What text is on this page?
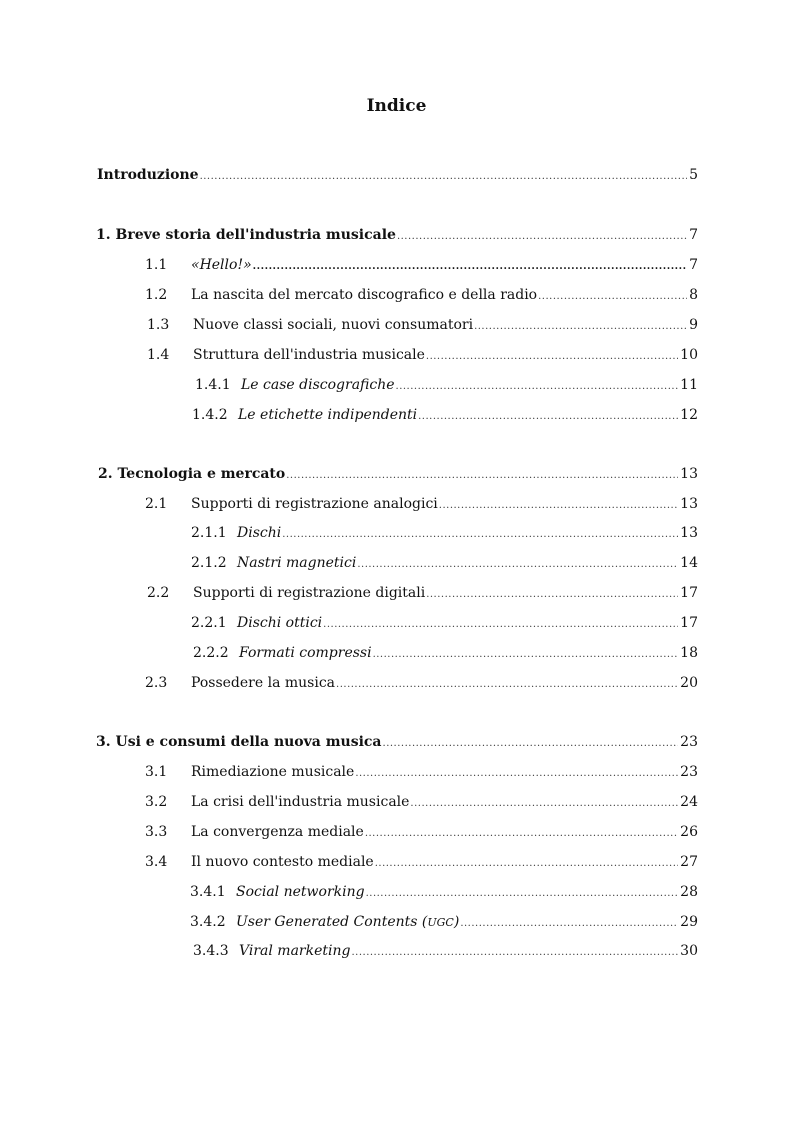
Indice
Introduzione .....	5
1. Breve storia dell'industria musicale .....	7
1.1	«Hello!» .....	7
1.2	La nascita del mercato discografico e della radio .....	8
1.3	Nuove classi sociali, nuovi consumatori .....	9
1.4	Struttura dell'industria musicale .....	10
1.4.1 Le case discografiche .....	11
1.4.2 Le etichette indipendenti .....	12
2. Tecnologia e mercato .....	13
2.1	Supporti di registrazione analogici .....	13
2.1.1 Dischi .....	13
2.1.2 Nastri magnetici .....	14
2.2	Supporti di registrazione digitali .....	17
2.2.1 Dischi ottici .....	17
2.2.2 Formati compressi .....	18
2.3	Possedere la musica .....	20
3. Usi e consumi della nuova musica .....	23
3.1	Rimediazione musicale .....	23
3.2	La crisi dell'industria musicale .....	24
3.3	La convergenza mediale .....	26
3.4	Il nuovo contesto mediale .....	27
3.4.1 Social networking .....	28
3.4.2 User Generated Contents (UGC) .....	29
3.4.3 Viral marketing .....	30
